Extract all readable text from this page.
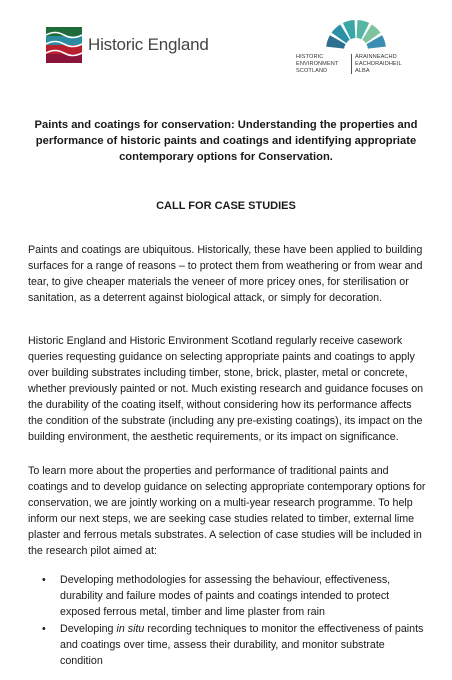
Historic England
HISTORIC
ENVIRONMENT
SCOTLAND
ÀRAINNEACHD
EACHDRAIDHEIL
ALBA
Paints and coatings for conservation: Understanding the properties and performance of historic paints and coatings and identifying appropriate contemporary options for Conservation.
CALL FOR CASE STUDIES

Paints and coatings are ubiquitous. Historically, these have been applied to building surfaces for a range of reasons – to protect them from weathering or from wear and tear, to give cheaper materials the veneer of more pricey ones, for sterilisation or sanitation, as a deterrent against biological attack, or simply for decoration.

Historic England and Historic Environment Scotland regularly receive casework queries requesting guidance on selecting appropriate paints and coatings to apply over building substrates including timber, stone, brick, plaster, metal or concrete, whether previously painted or not. Much existing research and guidance focuses on the durability of the coating itself, without considering how its performance affects the condition of the substrate (including any pre-existing coatings), its impact on the building environment, the aesthetic requirements, or its impact on significance.

To learn more about the properties and performance of traditional paints and coatings and to develop guidance on selecting appropriate contemporary options for conservation, we are jointly working on a multi-year research programme. To help inform our next steps, we are seeking case studies related to timber, external lime plaster and ferrous metals substrates. A selection of case studies will be included in the research pilot aimed at:

• Developing methodologies for assessing the behaviour, effectiveness, durability and failure modes of paints and coatings intended to protect exposed ferrous metal, timber and lime plaster from rain
• Developing in situ recording techniques to monitor the effectiveness of paints and coatings over time, assess their durability, and monitor substrate condition
